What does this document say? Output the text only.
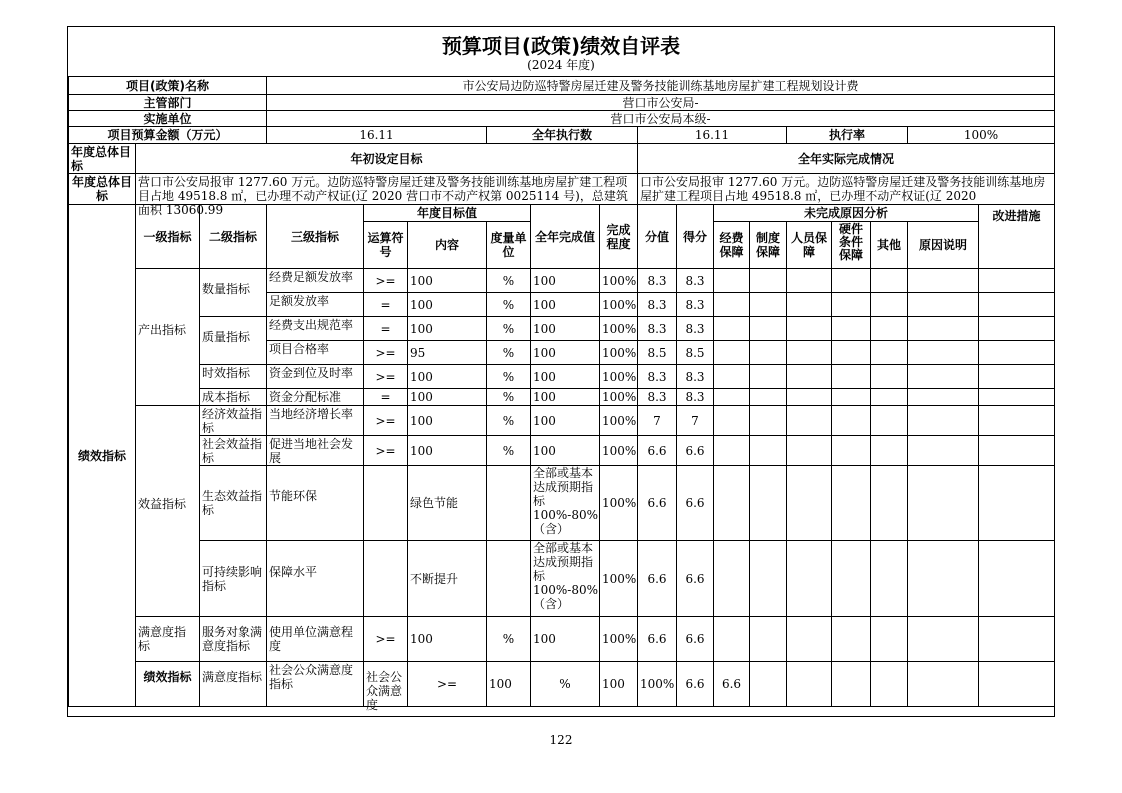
预算项目(政策)绩效自评表
(2024 年度)
项目(政策)名称			市公安局边防巡特警房屋迁建及警务技能训练基地房屋扩建工程规划设计费															
主管部门			营口市公安局-															
实施单位			营口市公安局本级-															
项目预算金额（万元）			16.11			全年执行数			16.11				执行率			100%		

年度总体目标	年初设定目标								全年实际完成情况									

年度总体目标	营口市公安局报审 1277.60 万元。边防巡特警房屋迁建及警务技能训练基地房屋扩建工程项目占地 49518.8 ㎡，已办理不动产权证(辽 2020 营口市不动产权第 0025114 号)，总建筑面积 13060.99								口市公安局报审 1277.60 万元。边防巡特警房屋迁建及警务技能训练基地房屋扩建工程项目占地 49518.8 ㎡，已办理不动产权证(辽 2020									

绩效指标	一级指标	二级指标	三级指标	年度目标值			全年完成值	完成程度	分值	得分	未完成原因分析						改进措施	
				运算符号	内容	度量单位					经费保障	制度保障	人员保障	硬件条件保障	其他	原因说明		

	产出指标	数量指标	经费足额发放率	>=	100	%	100	100%	8.3	8.3								

			足额发放率	=	100	%	100	100%	8.3	8.3								

		质量指标	经费支出规范率	=	100	%	100	100%	8.3	8.3								

			项目合格率	>=	95	%	100	100%	8.5	8.5								

		时效指标	资金到位及时率	>=	100	%	100	100%	8.3	8.3								

		成本指标	资金分配标准	=	100	%	100	100%	8.3	8.3								

	效益指标	经济效益指标	当地经济增长率	>=	100	%	100	100%	7	7								

		社会效益指标	促进当地社会发展	>=	100	%	100	100%	6.6	6.6								

		生态效益指标	节能环保		绿色节能		全部或基本达成预期指标100%-80%（含）	100%	6.6	6.6								

		可持续影响指标	保障水平		不断提升		全部或基本达成预期指标100%-80%（含）	100%	6.6	6.6								

	满意度指标	服务对象满意度指标	使用单位满意程度	>=	100	%	100	100%	6.6	6.6								

	绩效指标	满意度指标	社会公众满意度指标	社会公众满意度	>=	100	%	100	100%	6.6	6.6							
122
